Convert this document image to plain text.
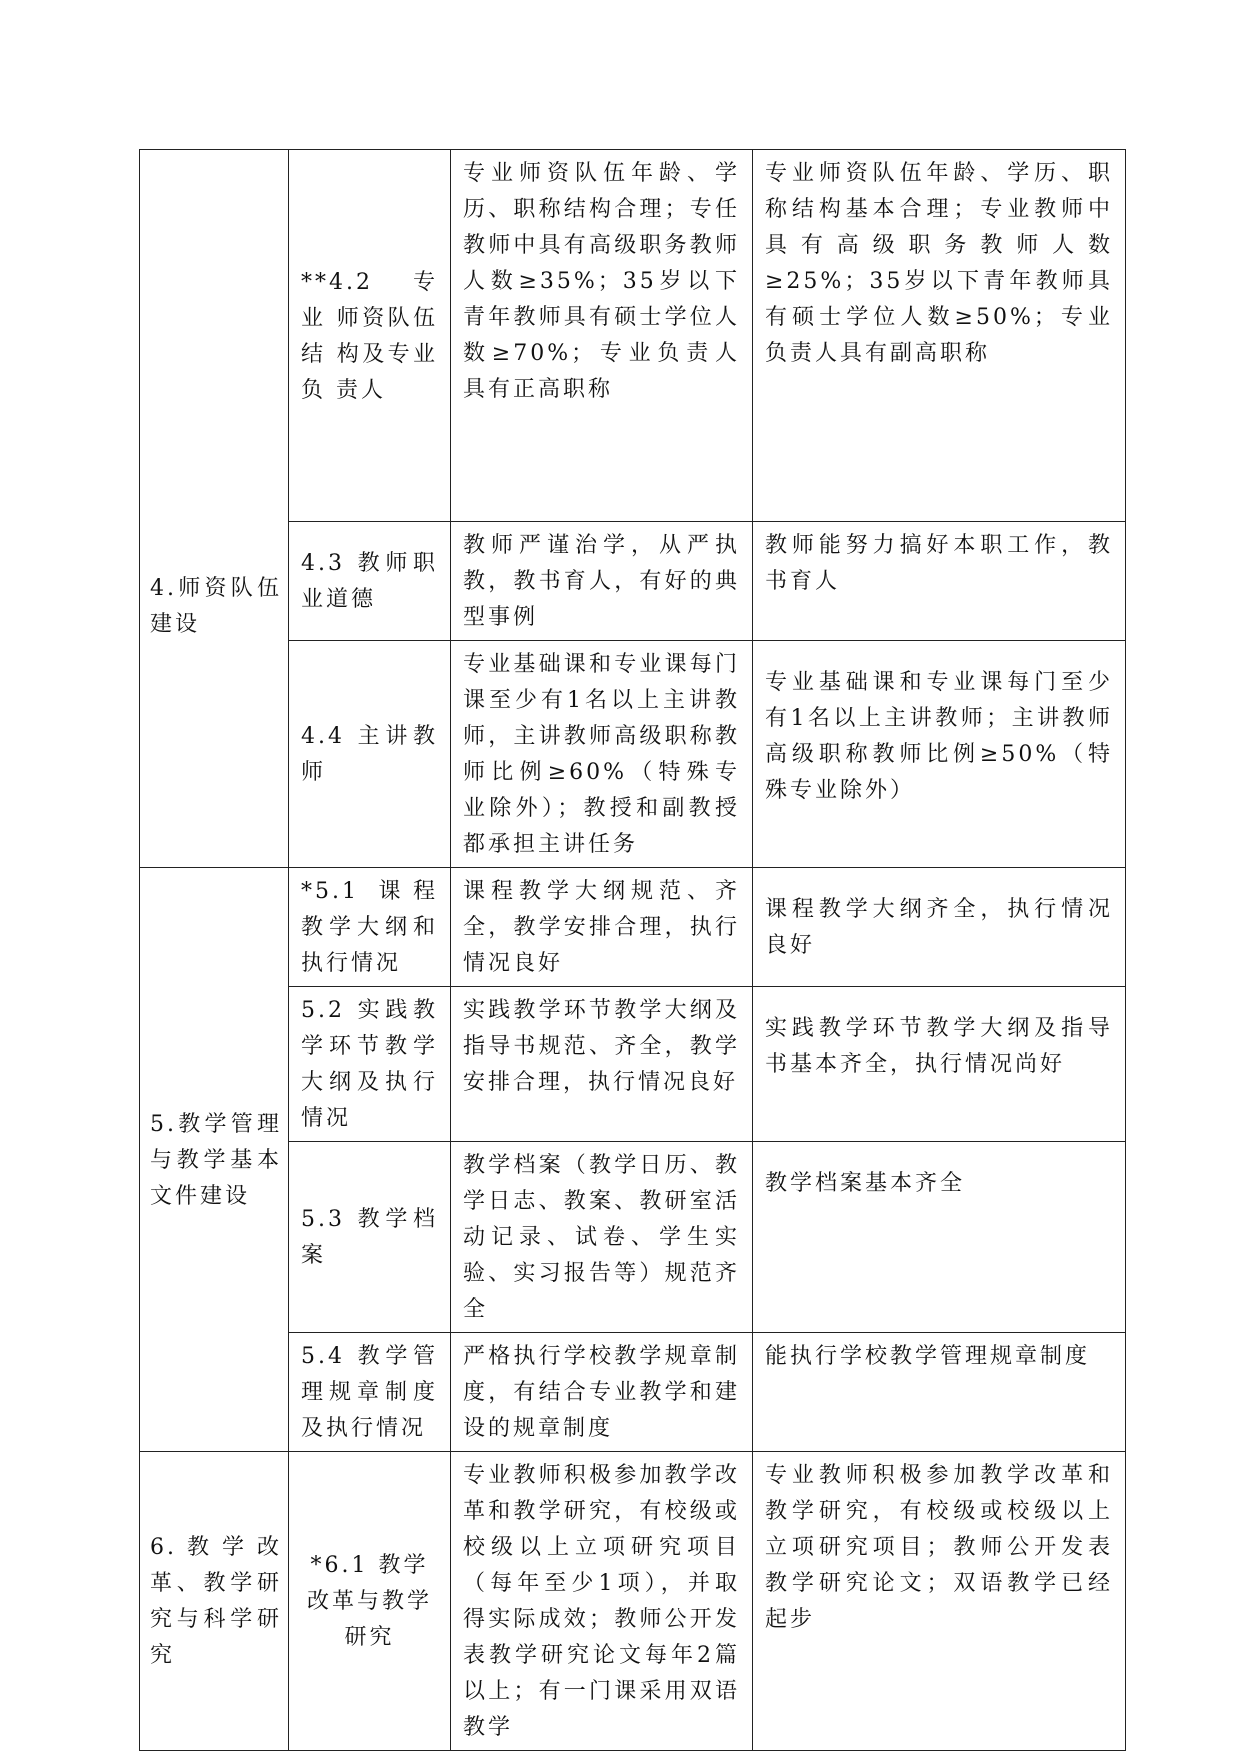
4.师资队伍建设	**4.2 专 业 师资队伍结 构及专业负 责人	专业师资队伍年龄、学历、职称结构合理；专任教师中具有高级职务教师人数≥35%；35岁以下青年教师具有硕士学位人数≥70%；专业负责人具有正高职称	专业师资队伍年龄、学历、职称结构基本合理；专业教师中具有高级职务教师人数≥25%；35岁以下青年教师具有硕士学位人数≥50%；专业负责人具有副高职称
	4.3 教师职业道德	教师严谨治学，从严执教，教书育人，有好的典型事例	教师能努力搞好本职工作，教书育人
	4.4 主讲教师	专业基础课和专业课每门课至少有1名以上主讲教师，主讲教师高级职称教师比例≥60%（特殊专业除外）；教授和副教授都承担主讲任务	专业基础课和专业课每门至少有1名以上主讲教师；主讲教师高级职称教师比例≥50%（特殊专业除外）
5.教学管理与教学基本文件建设	*5.1 课程教学大纲和执行情况	课程教学大纲规范、齐全，教学安排合理，执行情况良好	课程教学大纲齐全，执行情况良好
	5.2 实践教学环节教学大纲及执行情况	实践教学环节教学大纲及指导书规范、齐全，教学安排合理，执行情况良好	实践教学环节教学大纲及指导书基本齐全，执行情况尚好
	5.3 教学档案	教学档案（教学日历、教学日志、教案、教研室活动记录、试卷、学生实验、实习报告等）规范齐全	教学档案基本齐全
	5.4 教学管理规章制度及执行情况	严格执行学校教学规章制度，有结合专业教学和建设的规章制度	能执行学校教学管理规章制度
6.教学改革、教学研究与科学研究	*6.1 教学改革与教学研究	专业教师积极参加教学改革和教学研究，有校级或校级以上立项研究项目（每年至少1项），并取得实际成效；教师公开发表教学研究论文每年2篇以上；有一门课采用双语教学	专业教师积极参加教学改革和教学研究，有校级或校级以上立项研究项目；教师公开发表教学研究论文；双语教学已经起步
